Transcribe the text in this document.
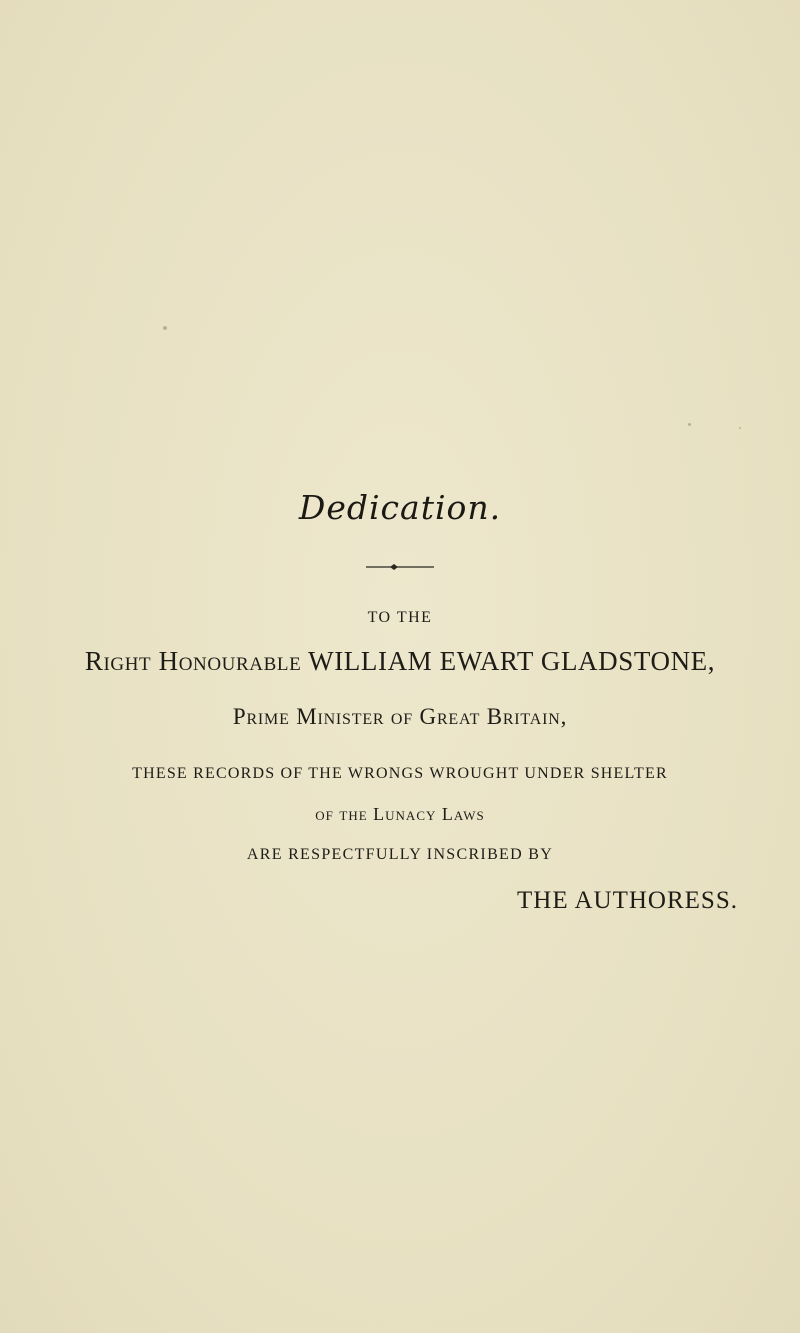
Dedication.
TO THE
Right Honourable WILLIAM EWART GLADSTONE,
Prime Minister of Great Britain,
THESE RECORDS OF THE WRONGS WROUGHT UNDER SHELTER
of the Lunacy Laws
ARE RESPECTFULLY INSCRIBED BY
THE AUTHORESS.
